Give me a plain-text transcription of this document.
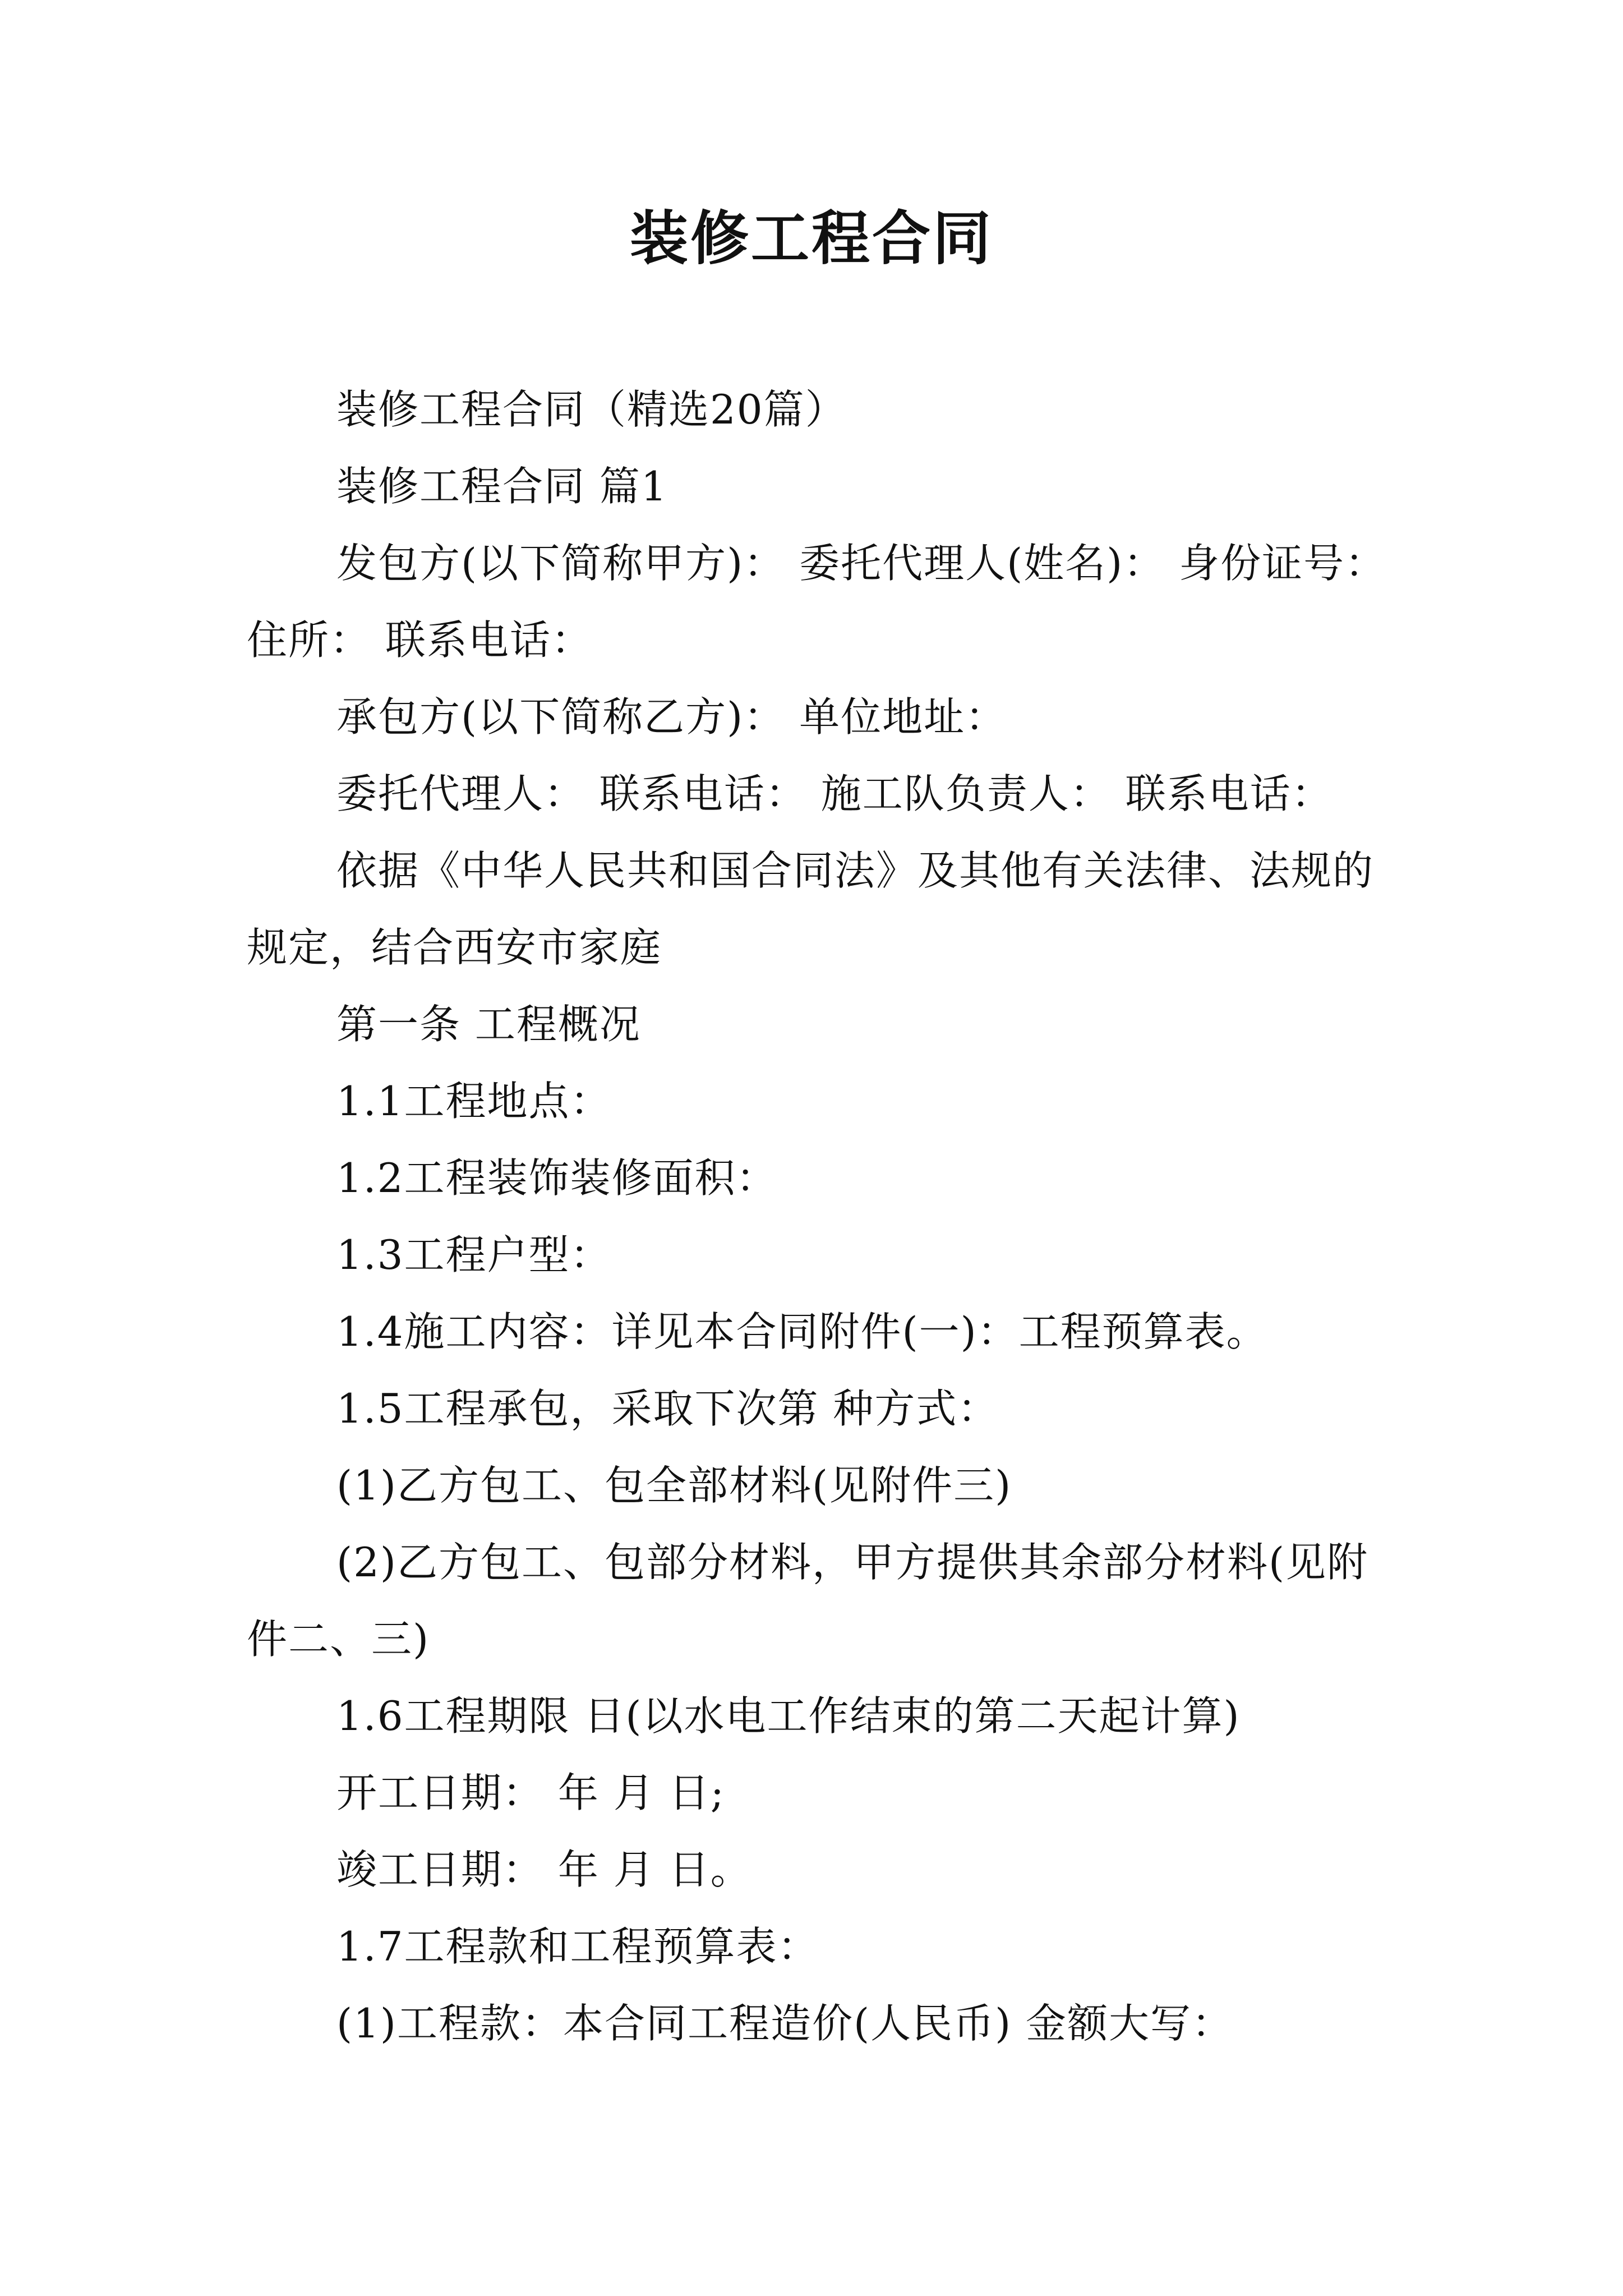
装修工程合同

装修工程合同（精选20篇）

装修工程合同 篇1

发包方(以下简称甲方)： 委托代理人(姓名)： 身份证号： 住所： 联系电话：

承包方(以下简称乙方)： 单位地址：

委托代理人： 联系电话： 施工队负责人： 联系电话：

依据《中华人民共和国合同法》及其他有关法律、法规的规定，结合西安市家庭

第一条 工程概况

1.1工程地点：

1.2工程装饰装修面积：

1.3工程户型：

1.4施工内容：详见本合同附件(一)：工程预算表。

1.5工程承包，采取下次第 种方式：

(1)乙方包工、包全部材料(见附件三)

(2)乙方包工、包部分材料，甲方提供其余部分材料(见附件二、三)

1.6工程期限 日(以水电工作结束的第二天起计算)

开工日期： 年 月 日;

竣工日期： 年 月 日。

1.7工程款和工程预算表：

(1)工程款：本合同工程造价(人民币) 金额大写：
